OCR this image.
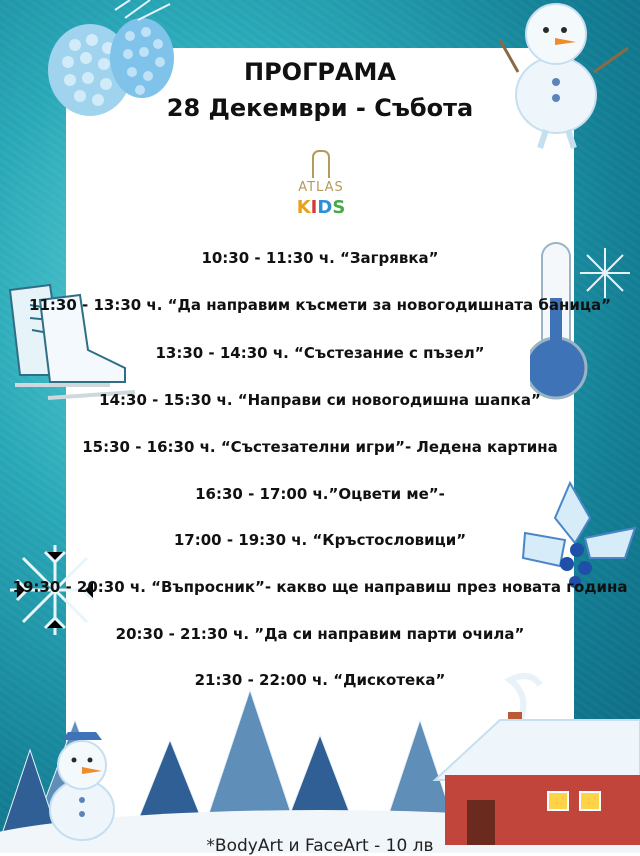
ПРОГРАМА
28 Декември - Събота
ATLAS
KIDS
10:30 - 11:30 ч. “Загрявка”
11:30 - 13:30 ч. “Да направим късмети за новогодишната баница”
13:30 - 14:30 ч. “Състезание с пъзел”
14:30 - 15:30 ч. “Направи си новогодишна шапка”
15:30 - 16:30 ч. “Състезателни игри”- Ледена картина
16:30 - 17:00 ч.”Оцвети ме”-
17:00 - 19:30 ч. “Кръстословици”
19:30 - 20:30 ч. “Въпросник”- какво ще направиш през новата година
20:30 - 21:30 ч. ”Да си направим парти очила”
21:30 - 22:00 ч. “Дискотека”
*BodyArt и FaceArt - 10 лв
